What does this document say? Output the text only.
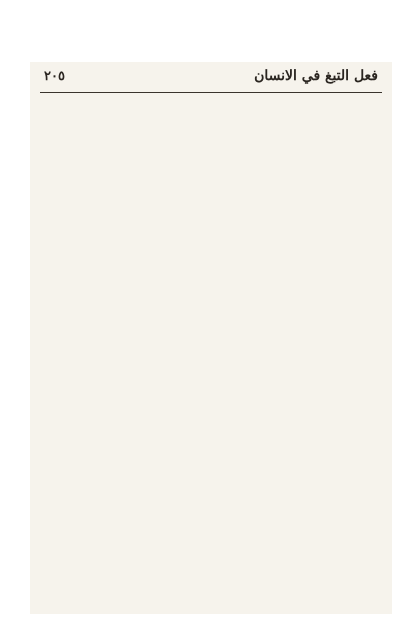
فعل التبغ في الانسان
٢٠٥
